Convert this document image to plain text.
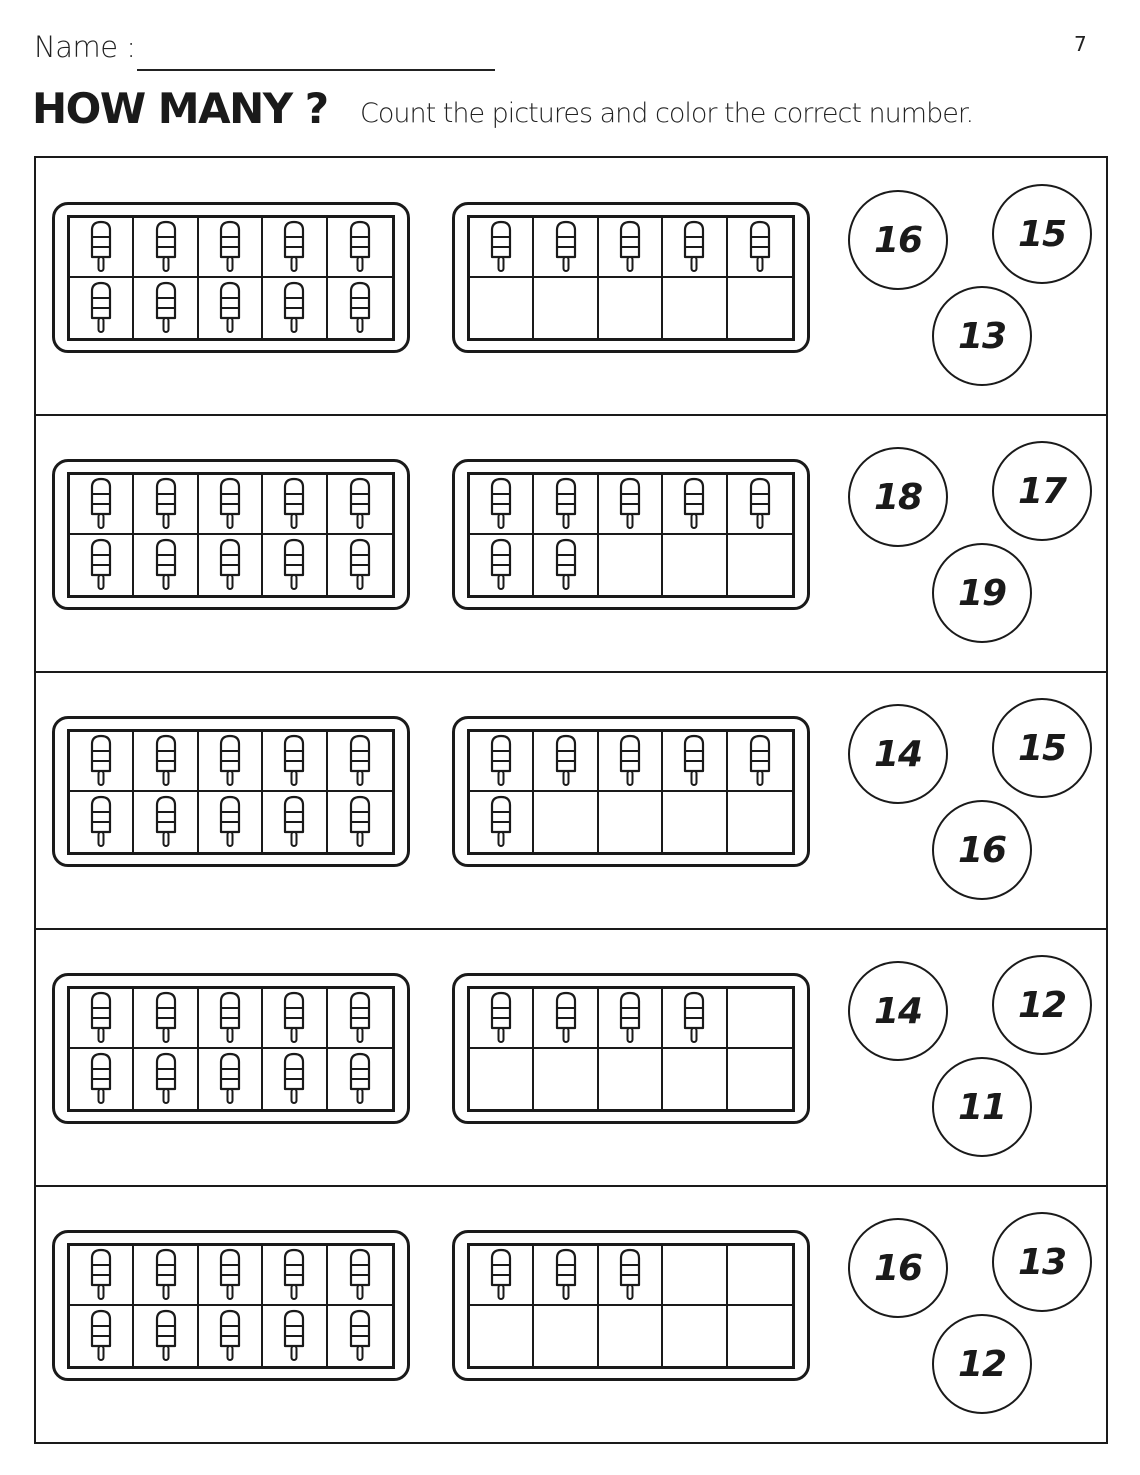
Name :	7
HOW MANY ? Count the pictures and color the correct number.
16	15
13
18	17
19
14	15
16
14	12
11
16	13
12
